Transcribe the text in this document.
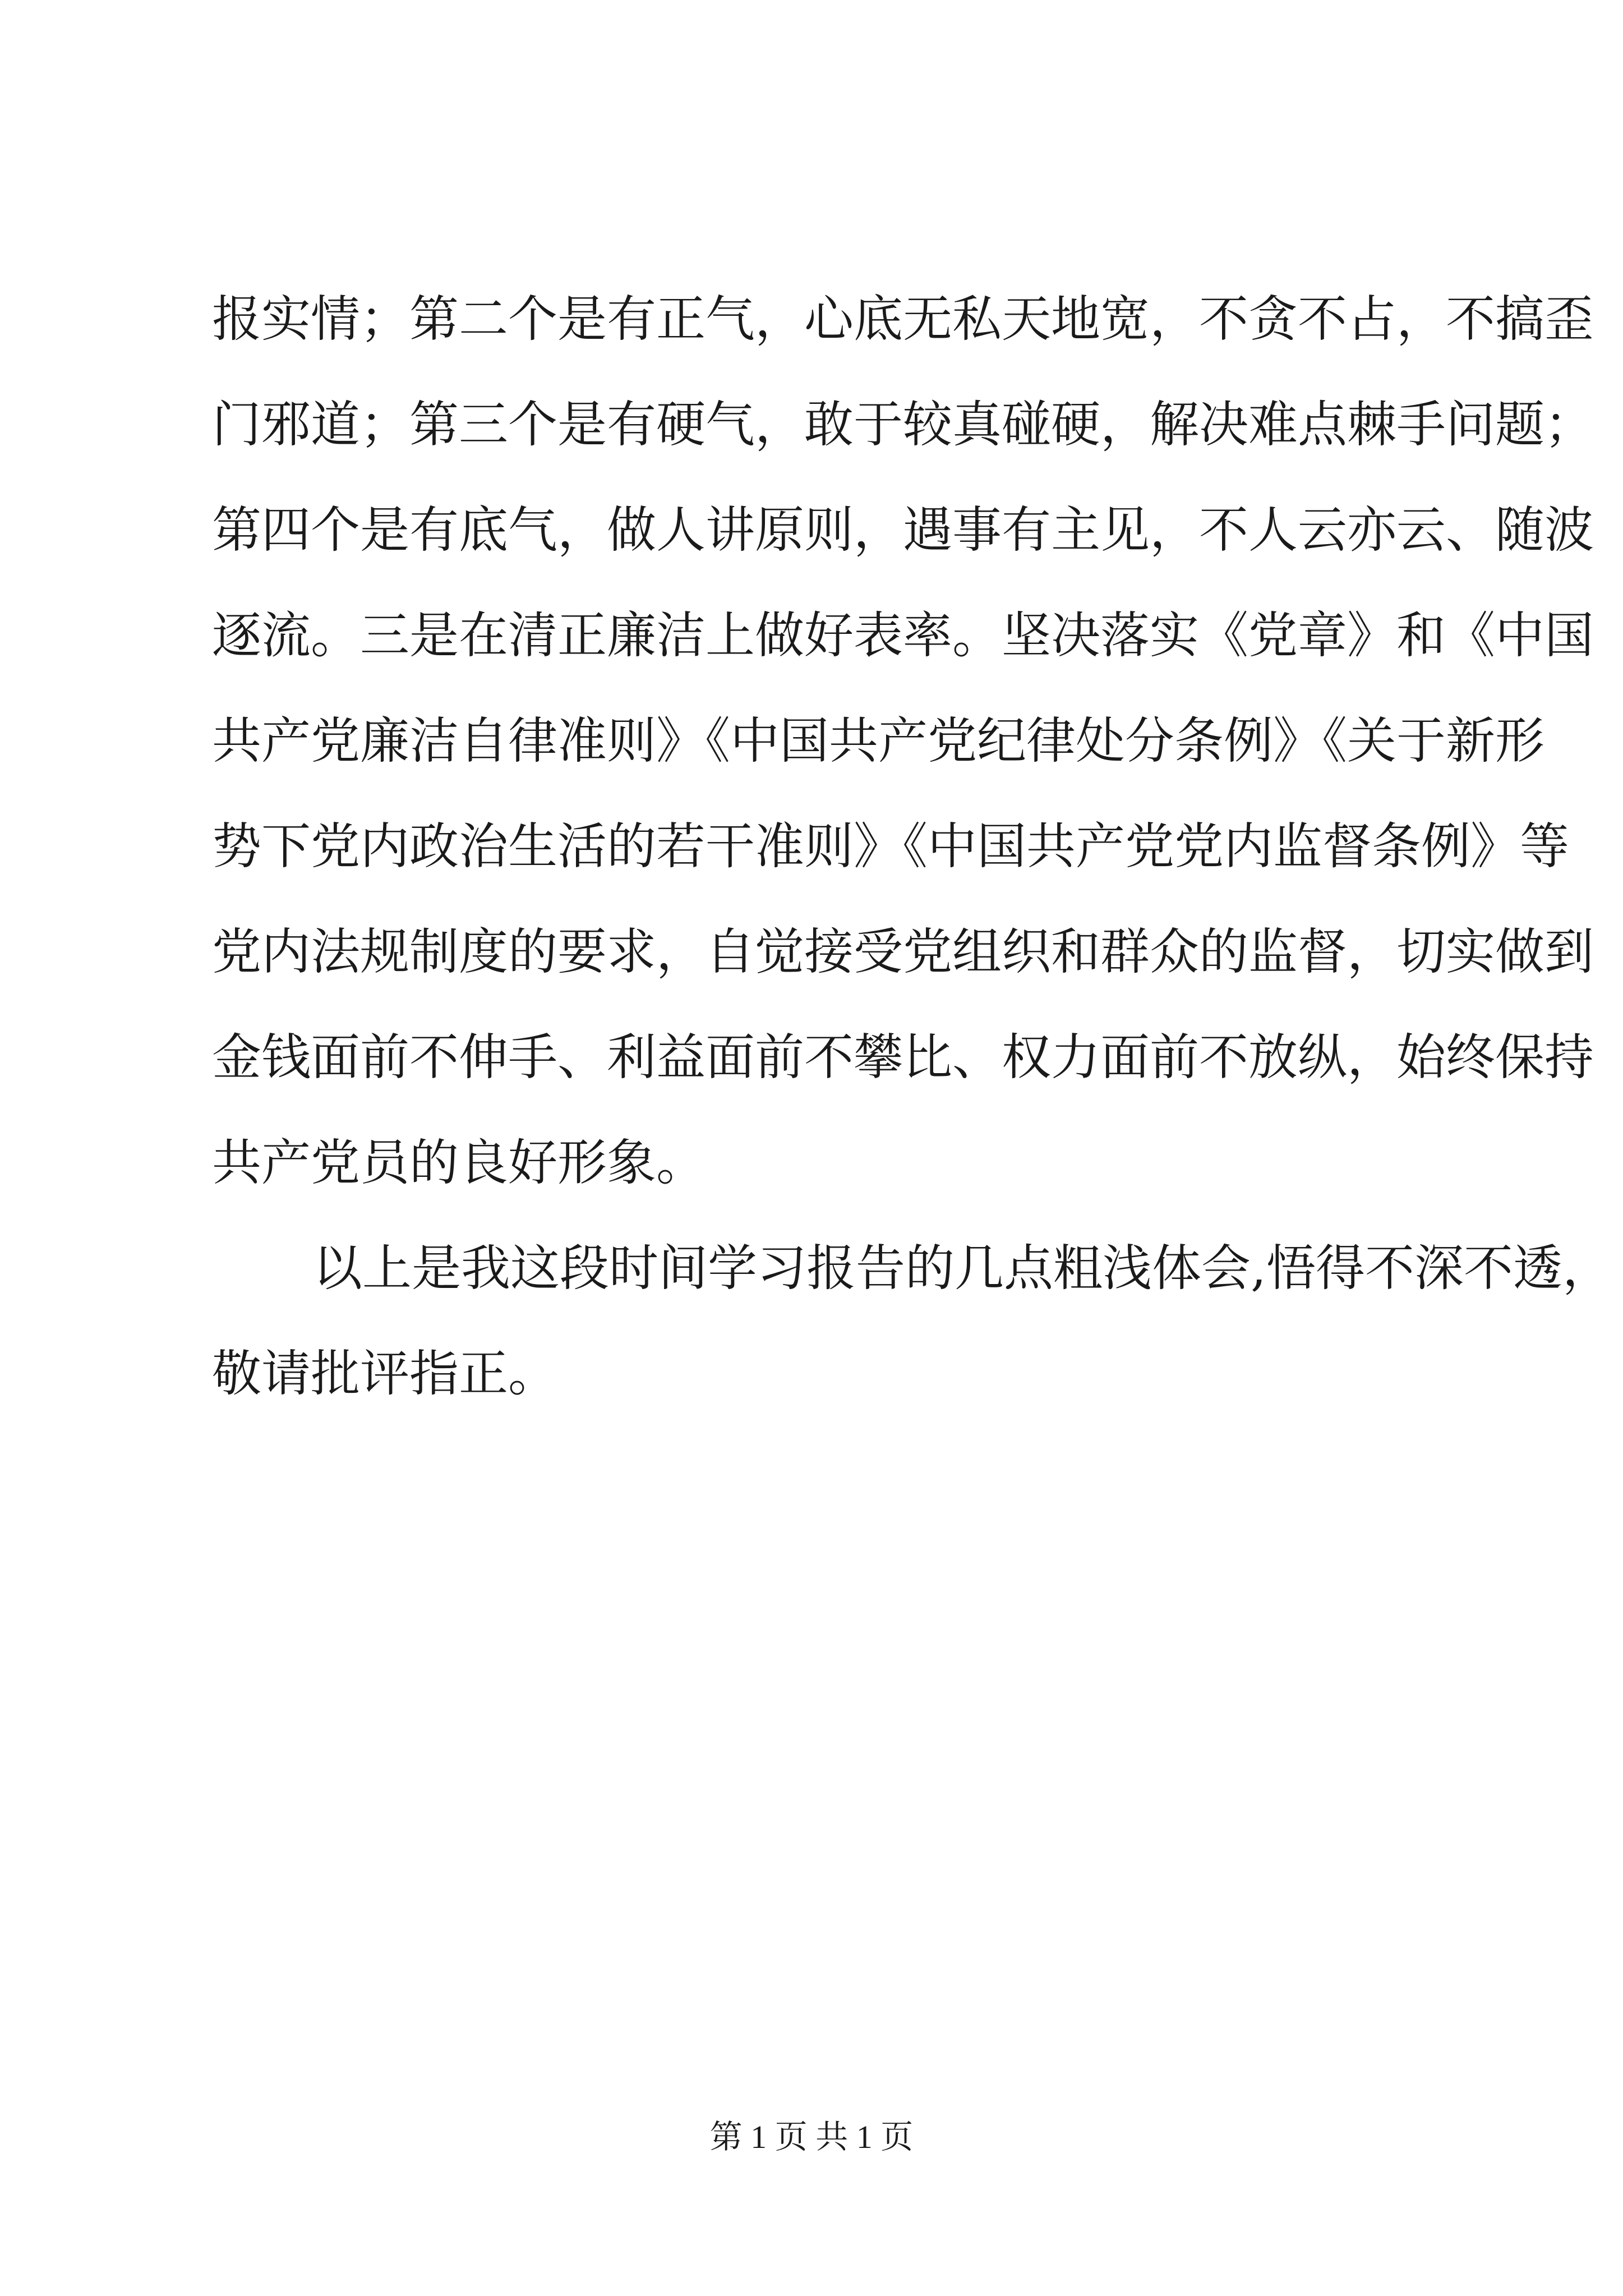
报实情；第二个是有正气，心底无私天地宽，不贪不占，不搞歪
门邪道；第三个是有硬气，敢于较真碰硬，解决难点棘手问题；
第四个是有底气，做人讲原则，遇事有主见，不人云亦云、随波
逐流。三是在清正廉洁上做好表率。坚决落实《党章》和《中国
共产党廉洁自律准则》《中国共产党纪律处分条例》《关于新形
势下党内政治生活的若干准则》《中国共产党党内监督条例》等
党内法规制度的要求，自觉接受党组织和群众的监督，切实做到
金钱面前不伸手、利益面前不攀比、权力面前不放纵，始终保持
共产党员的良好形象。
以上是我这段时间学习报告的几点粗浅体会,悟得不深不透，
敬请批评指正。
第 1 页 共 1 页
